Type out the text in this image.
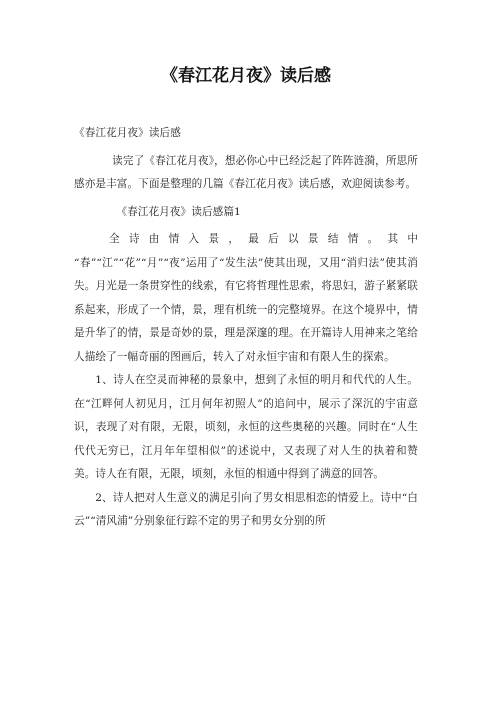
《春江花月夜》读后感

《春江花月夜》读后感

读完了《春江花月夜》，想必你心中已经泛起了阵阵涟漪，所思所感亦是丰富。下面是整理的几篇《春江花月夜》读后感，欢迎阅读参考。

《春江花月夜》读后感篇1

全诗由情入景，最后以景结情。其中

“春”“江”“花”“月”“夜”运用了“发生法”使其出现，又用“消归法”使其消失。月光是一条贯穿性的线索，有它将哲理性思索，将思妇，游子紧紧联系起来，形成了一个情，景，理有机统一的完整境界。在这个境界中，情是升华了的情，景是奇妙的景，理是深邃的理。在开篇诗人用神来之笔给人描绘了一幅奇丽的图画后，转入了对永恒宇宙和有限人生的探索。

1、诗人在空灵而神秘的景象中，想到了永恒的明月和代代的人生。在“江畔何人初见月，江月何年初照人”的追问中，展示了深沉的宇宙意识，表现了对有限，无限，顷刻，永恒的这些奥秘的兴趣。同时在“人生代代无穷已，江月年年望相似”的述说中，又表现了对人生的执着和赞美。诗人在有限，无限，顷刻，永恒的相通中得到了满意的回答。

2、诗人把对人生意义的满足引向了男女相思相恋的情爱上。诗中“白云”“清风浦”分别象征行踪不定的男子和男女分别的所
